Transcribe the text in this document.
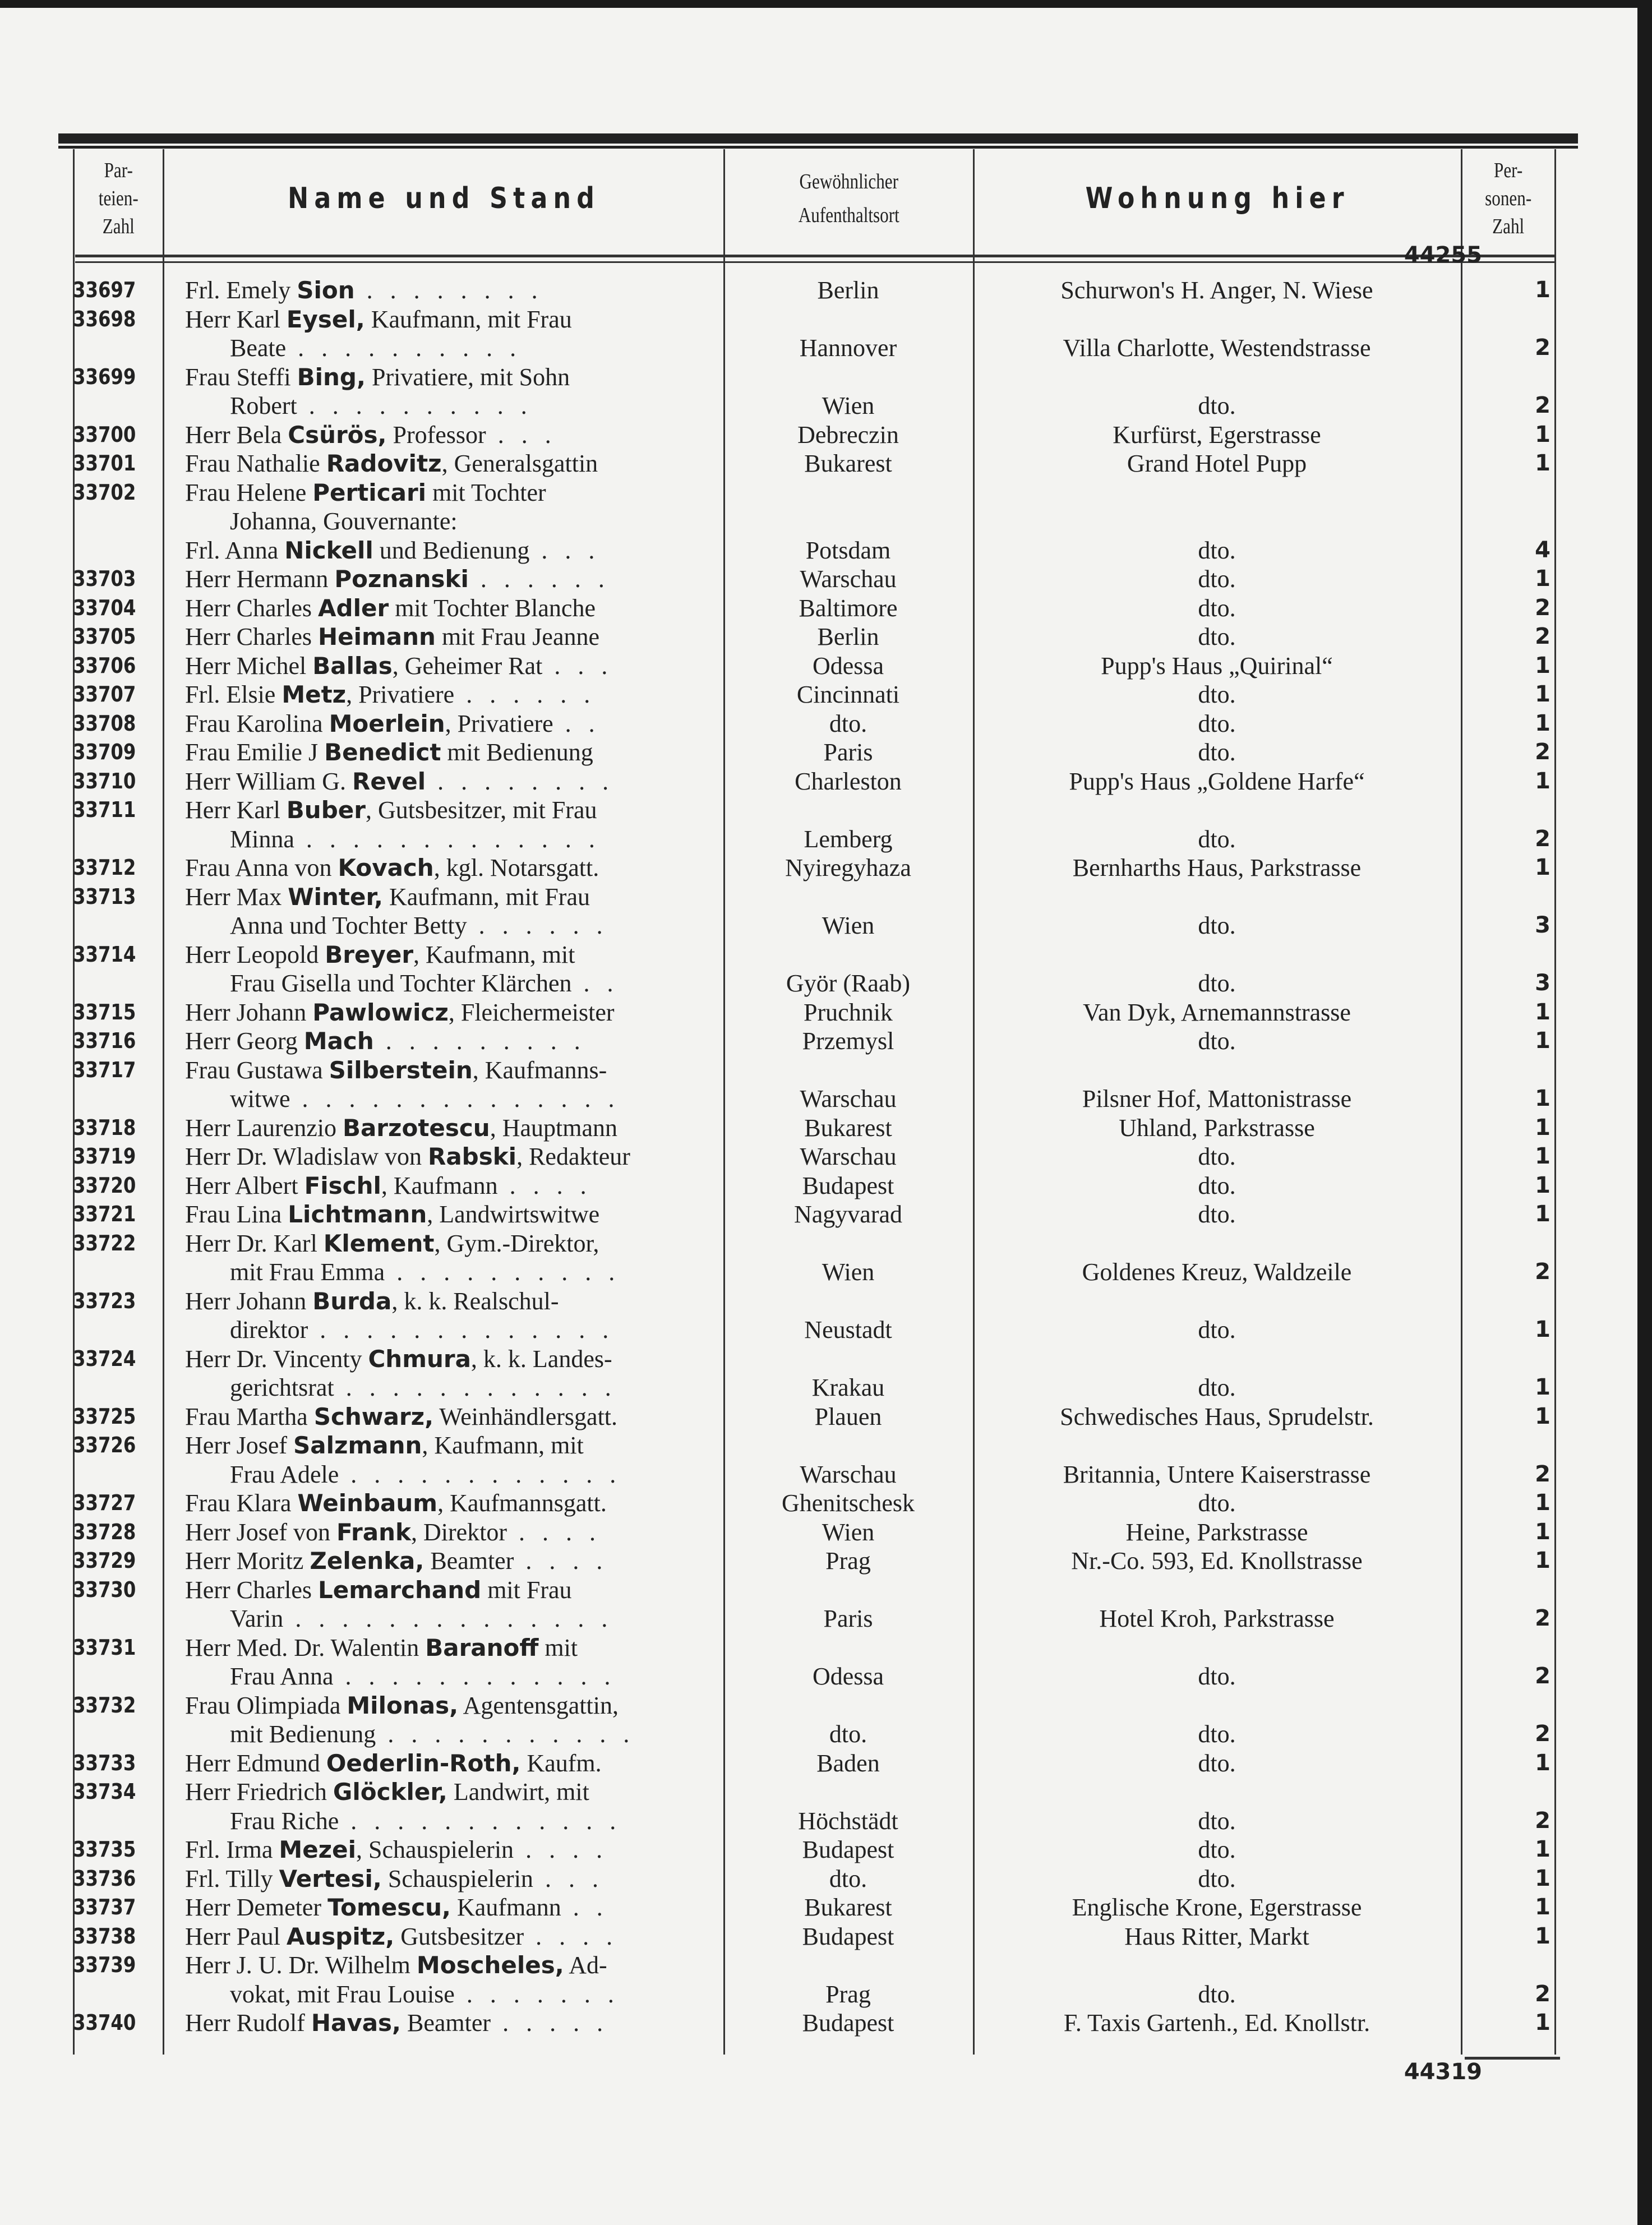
Par-
teien-
Zahl
Name und Stand	Gewöhnlicher
Aufenthaltsort	Wohnung hier
Per-
sonen-
Zahl
44255
33697	Frl. Emely Sion . . . . . . . .	Berlin	Schurwon's H. Anger, N. Wiese	1
33698	Herr Karl Eysel, Kaufmann, mit Frau
Beate . . . . . . . . . .	Hannover	Villa Charlotte, Westendstrasse	2
33699	Frau Steffi Bing, Privatiere, mit Sohn
Robert . . . . . . . . . .	Wien	dto.	2
33700	Herr Bela Csürös, Professor . . .	Debreczin	Kurfürst, Egerstrasse	1
33701	Frau Nathalie Radovitz, Generalsgattin	Bukarest	Grand Hotel Pupp	1
33702	Frau Helene Perticari mit Tochter
Johanna, Gouvernante:
Frl. Anna Nickell und Bedienung . . .	Potsdam	dto.	4
33703	Herr Hermann Poznanski . . . . . .	Warschau	dto.	1
33704	Herr Charles Adler mit Tochter Blanche	Baltimore	dto.	2
33705	Herr Charles Heimann mit Frau Jeanne	Berlin	dto.	2
33706	Herr Michel Ballas, Geheimer Rat . . .	Odessa	Pupp's Haus „Quirinal“	1
33707	Frl. Elsie Metz, Privatiere . . . . . .	Cincinnati	dto.	1
33708	Frau Karolina Moerlein, Privatiere . .	dto.	dto.	1
33709	Frau Emilie J Benedict mit Bedienung	Paris	dto.	2
33710	Herr William G. Revel . . . . . . . .	Charleston	Pupp's Haus „Goldene Harfe“	1
33711	Herr Karl Buber, Gutsbesitzer, mit Frau
Minna . . . . . . . . . . . . .	Lemberg	dto.	2
33712	Frau Anna von Kovach, kgl. Notarsgatt.	Nyiregyhaza	Bernharths Haus, Parkstrasse	1
33713	Herr Max Winter, Kaufmann, mit Frau
Anna und Tochter Betty . . . . . .	Wien	dto.	3
33714	Herr Leopold Breyer, Kaufmann, mit
Frau Gisella und Tochter Klärchen . .	Györ (Raab)	dto.	3
33715	Herr Johann Pawlowicz, Fleichermeister	Pruchnik	Van Dyk, Arnemannstrasse	1
33716	Herr Georg Mach . . . . . . . . .	Przemysl	dto.	1
33717	Frau Gustawa Silberstein, Kaufmanns-
witwe . . . . . . . . . . . . . .	Warschau	Pilsner Hof, Mattonistrasse	1
33718	Herr Laurenzio Barzotescu, Hauptmann	Bukarest	Uhland, Parkstrasse	1
33719	Herr Dr. Wladislaw von Rabski, Redakteur	Warschau	dto.	1
33720	Herr Albert Fischl, Kaufmann . . . .	Budapest	dto.	1
33721	Frau Lina Lichtmann, Landwirtswitwe	Nagyvarad	dto.	1
33722	Herr Dr. Karl Klement, Gym.-Direktor,
mit Frau Emma . . . . . . . . . .	Wien	Goldenes Kreuz, Waldzeile	2
33723	Herr Johann Burda, k. k. Realschul-
direktor . . . . . . . . . . . . .	Neustadt	dto.	1
33724	Herr Dr. Vincenty Chmura, k. k. Landes-
gerichtsrat . . . . . . . . . . . .	Krakau	dto.	1
33725	Frau Martha Schwarz, Weinhändlersgatt.	Plauen	Schwedisches Haus, Sprudelstr.	1
33726	Herr Josef Salzmann, Kaufmann, mit
Frau Adele . . . . . . . . . . . .	Warschau	Britannia, Untere Kaiserstrasse	2
33727	Frau Klara Weinbaum, Kaufmannsgatt.	Ghenitschesk	dto.	1
33728	Herr Josef von Frank, Direktor . . . .	Wien	Heine, Parkstrasse	1
33729	Herr Moritz Zelenka, Beamter . . . .	Prag	Nr.-Co. 593, Ed. Knollstrasse	1
33730	Herr Charles Lemarchand mit Frau
Varin . . . . . . . . . . . . . .	Paris	Hotel Kroh, Parkstrasse	2
33731	Herr Med. Dr. Walentin Baranoff mit
Frau Anna . . . . . . . . . . . .	Odessa	dto.	2
33732	Frau Olimpiada Milonas, Agentensgattin,
mit Bedienung . . . . . . . . . . .	dto.	dto.	2
33733	Herr Edmund Oederlin-Roth, Kaufm.	Baden	dto.	1
33734	Herr Friedrich Glöckler, Landwirt, mit
Frau Riche . . . . . . . . . . . .	Höchstädt	dto.	2
33735	Frl. Irma Mezei, Schauspielerin . . . .	Budapest	dto.	1
33736	Frl. Tilly Vertesi, Schauspielerin . . .	dto.	dto.	1
33737	Herr Demeter Tomescu, Kaufmann . .	Bukarest	Englische Krone, Egerstrasse	1
33738	Herr Paul Auspitz, Gutsbesitzer . . . .	Budapest	Haus Ritter, Markt	1
33739	Herr J. U. Dr. Wilhelm Moscheles, Ad-
vokat, mit Frau Louise . . . . . . .	Prag	dto.	2
33740	Herr Rudolf Havas, Beamter . . . . .	Budapest	F. Taxis Gartenh., Ed. Knollstr.	1
44319
